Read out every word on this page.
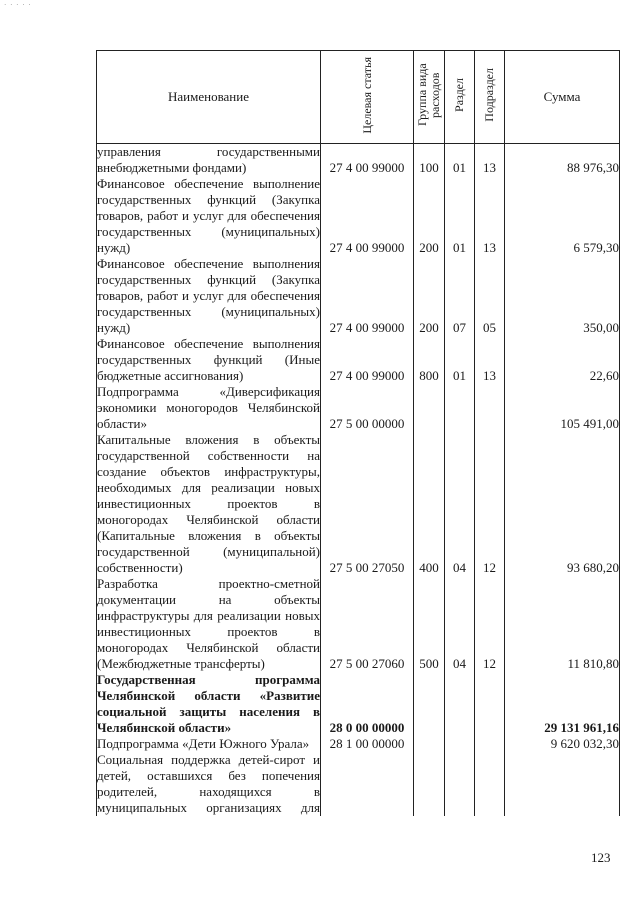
· · · · ·
Наименование	Целевая статья	Группа вида расходов	Раздел	Подраздел	Сумма
управления государственными внебюджетными фондами)	27 4 00 99000	100	01	13	88 976,30
Финансовое обеспечение выполнение государственных функций (Закупка товаров, работ и услуг для обеспечения государственных (муниципальных) нужд)	27 4 00 99000	200	01	13	6 579,30
Финансовое обеспечение выполнения государственных функций (Закупка товаров, работ и услуг для обеспечения государственных (муниципальных) нужд)	27 4 00 99000	200	07	05	350,00
Финансовое обеспечение выполнения государственных функций (Иные бюджетные ассигнования)	27 4 00 99000	800	01	13	22,60
Подпрограмма «Диверсификация экономики моногородов Челябинской области»	27 5 00 00000				105 491,00
Капитальные вложения в объекты государственной собственности на создание объектов инфраструктуры, необходимых для реализации новых инвестиционных проектов в моногородах Челябинской области (Капитальные вложения в объекты государственной (муниципальной) собственности)	27 5 00 27050	400	04	12	93 680,20
Разработка проектно-сметной документации на объекты инфраструктуры для реализации новых инвестиционных проектов в моногородах Челябинской области (Межбюджетные трансферты)	27 5 00 27060	500	04	12	11 810,80
Государственная программа Челябинской области «Развитие социальной защиты населения в Челябинской области»	28 0 00 00000				29 131 961,16
Подпрограмма «Дети Южного Урала»	28 1 00 00000				9 620 032,30
Социальная поддержка детей-сирот и детей, оставшихся без попечения родителей, находящихся в муниципальных организациях для					
123
